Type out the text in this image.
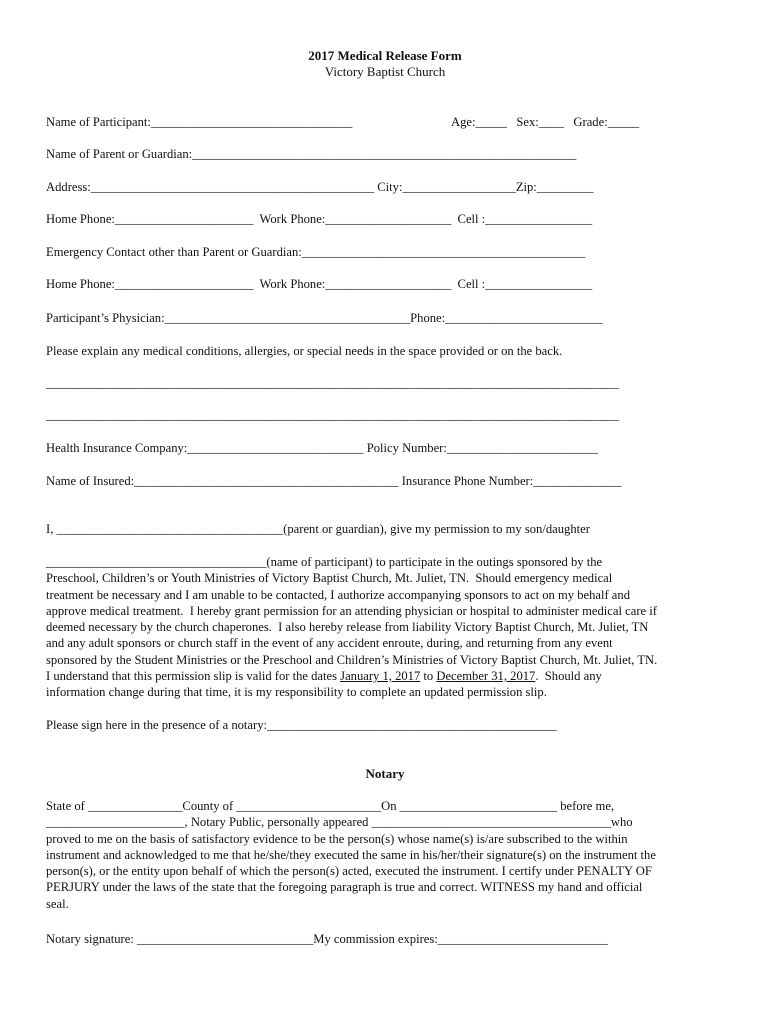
2017 Medical Release Form
Victory Baptist Church
Name of Participant:________________________________	Age:_____   Sex:____   Grade:_____
Name of Parent or Guardian:_____________________________________________________________
Address:_____________________________________________ City:__________________Zip:_________
Home Phone:______________________  Work Phone:____________________  Cell :_________________
Emergency Contact other than Parent or Guardian:_____________________________________________
Home Phone:______________________  Work Phone:____________________  Cell :_________________
Participant’s Physician:_______________________________________Phone:_________________________
Please explain any medical conditions, allergies, or special needs in the space provided or on the back.
___________________________________________________________________________________________
___________________________________________________________________________________________
Health Insurance Company:____________________________ Policy Number:________________________
Name of Insured:__________________________________________ Insurance Phone Number:______________
I, ____________________________________(parent or guardian), give my permission to my son/daughter
___________________________________(name of participant) to participate in the outings sponsored by the
Preschool, Children’s or Youth Ministries of Victory Baptist Church, Mt. Juliet, TN.  Should emergency medical
treatment be necessary and I am unable to be contacted, I authorize accompanying sponsors to act on my behalf and
approve medical treatment.  I hereby grant permission for an attending physician or hospital to administer medical care if
deemed necessary by the church chaperones.  I also hereby release from liability Victory Baptist Church, Mt. Juliet, TN
and any adult sponsors or church staff in the event of any accident enroute, during, and returning from any event
sponsored by the Student Ministries or the Preschool and Children’s Ministries of Victory Baptist Church, Mt. Juliet, TN.
I understand that this permission slip is valid for the dates January 1, 2017 to December 31, 2017.  Should any
information change during that time, it is my responsibility to complete an updated permission slip.
Please sign here in the presence of a notary:______________________________________________
Notary
State of _______________County of _______________________On _________________________ before me,
______________________, Notary Public, personally appeared ______________________________________who
proved to me on the basis of satisfactory evidence to be the person(s) whose name(s) is/are subscribed to the within
instrument and acknowledged to me that he/she/they executed the same in his/her/their signature(s) on the instrument the
person(s), or the entity upon behalf of which the person(s) acted, executed the instrument. I certify under PENALTY OF
PERJURY under the laws of the state that the foregoing paragraph is true and correct. WITNESS my hand and official
seal.
Notary signature: ____________________________My commission expires:___________________________
